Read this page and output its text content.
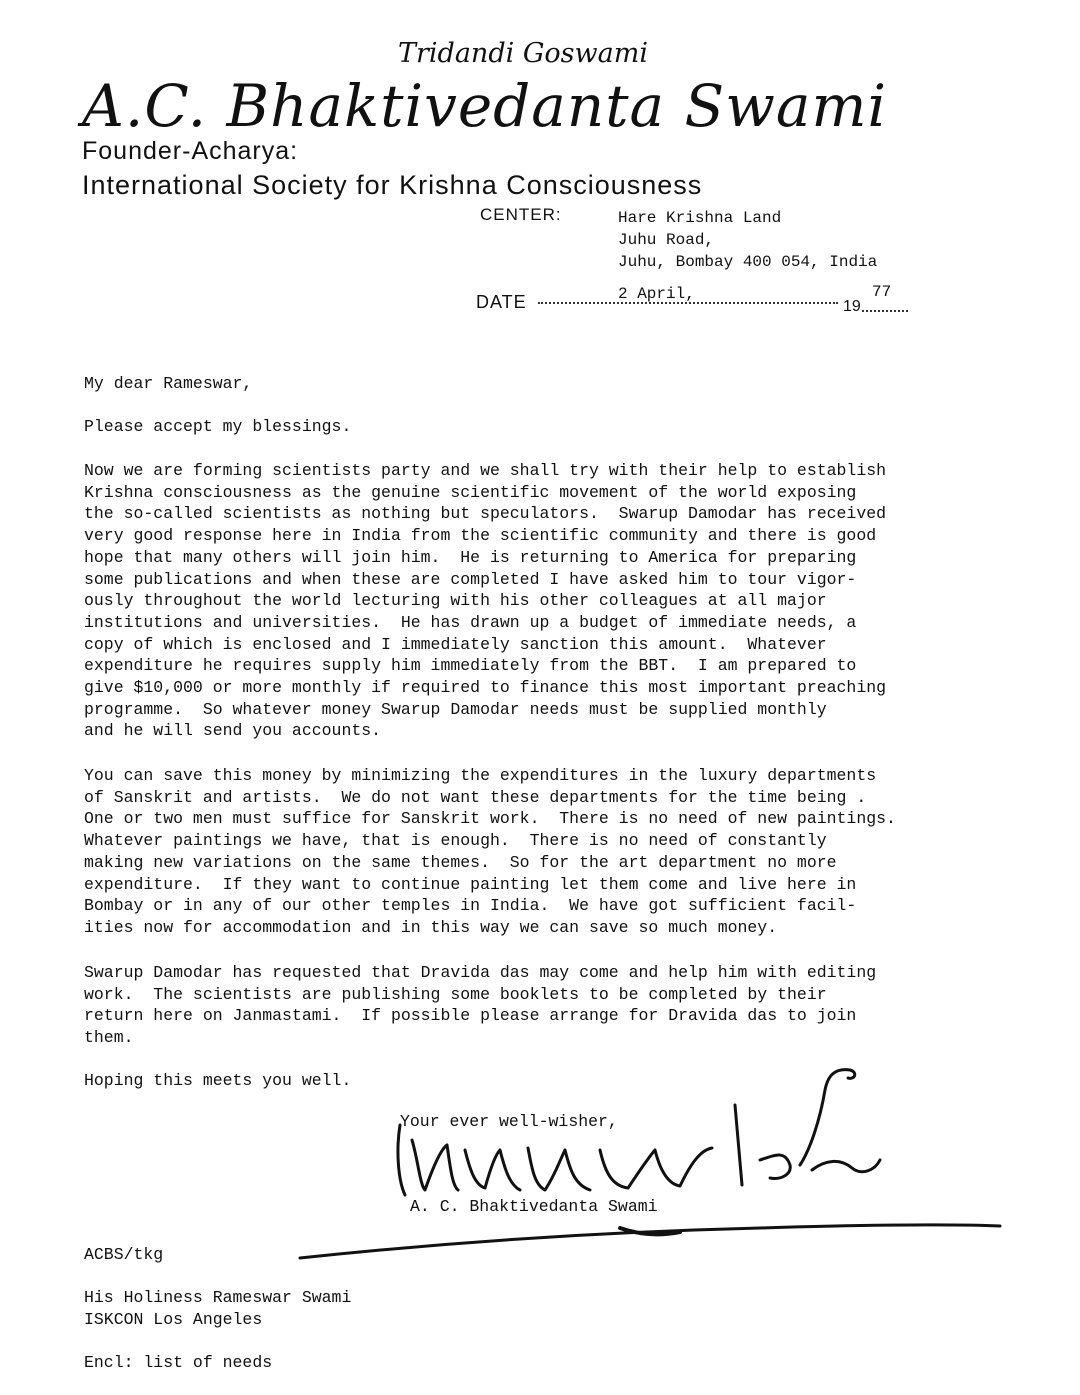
Tridandi Goswami
A.C. Bhaktivedanta Swami
Founder-Acharya:
International Society for Krishna Consciousness
CENTER:	Hare Krishna Land
Juhu Road,
Juhu, Bombay 400 054, India
DATE	2 April,
19
77
My dear Rameswar,
Please accept my blessings.
Now we are forming scientists party and we shall try with their help to establish
Krishna consciousness as the genuine scientific movement of the world exposing
the so-called scientists as nothing but speculators.  Swarup Damodar has received
very good response here in India from the scientific community and there is good
hope that many others will join him.  He is returning to America for preparing
some publications and when these are completed I have asked him to tour vigor-
ously throughout the world lecturing with his other colleagues at all major
institutions and universities.  He has drawn up a budget of immediate needs, a
copy of which is enclosed and I immediately sanction this amount.  Whatever
expenditure he requires supply him immediately from the BBT.  I am prepared to
give $10,000 or more monthly if required to finance this most important preaching
programme.  So whatever money Swarup Damodar needs must be supplied monthly
and he will send you accounts.
You can save this money by minimizing the expenditures in the luxury departments
of Sanskrit and artists.  We do not want these departments for the time being .
One or two men must suffice for Sanskrit work.  There is no need of new paintings.
Whatever paintings we have, that is enough.  There is no need of constantly
making new variations on the same themes.  So for the art department no more
expenditure.  If they want to continue painting let them come and live here in
Bombay or in any of our other temples in India.  We have got sufficient facil-
ities now for accommodation and in this way we can save so much money.
Swarup Damodar has requested that Dravida das may come and help him with editing
work.  The scientists are publishing some booklets to be completed by their
return here on Janmastami.  If possible please arrange for Dravida das to join
them.
Hoping this meets you well.
Your ever well-wisher,
A. C. Bhaktivedanta Swami
ACBS/tkg
His Holiness Rameswar Swami
ISKCON Los Angeles
Encl: list of needs
